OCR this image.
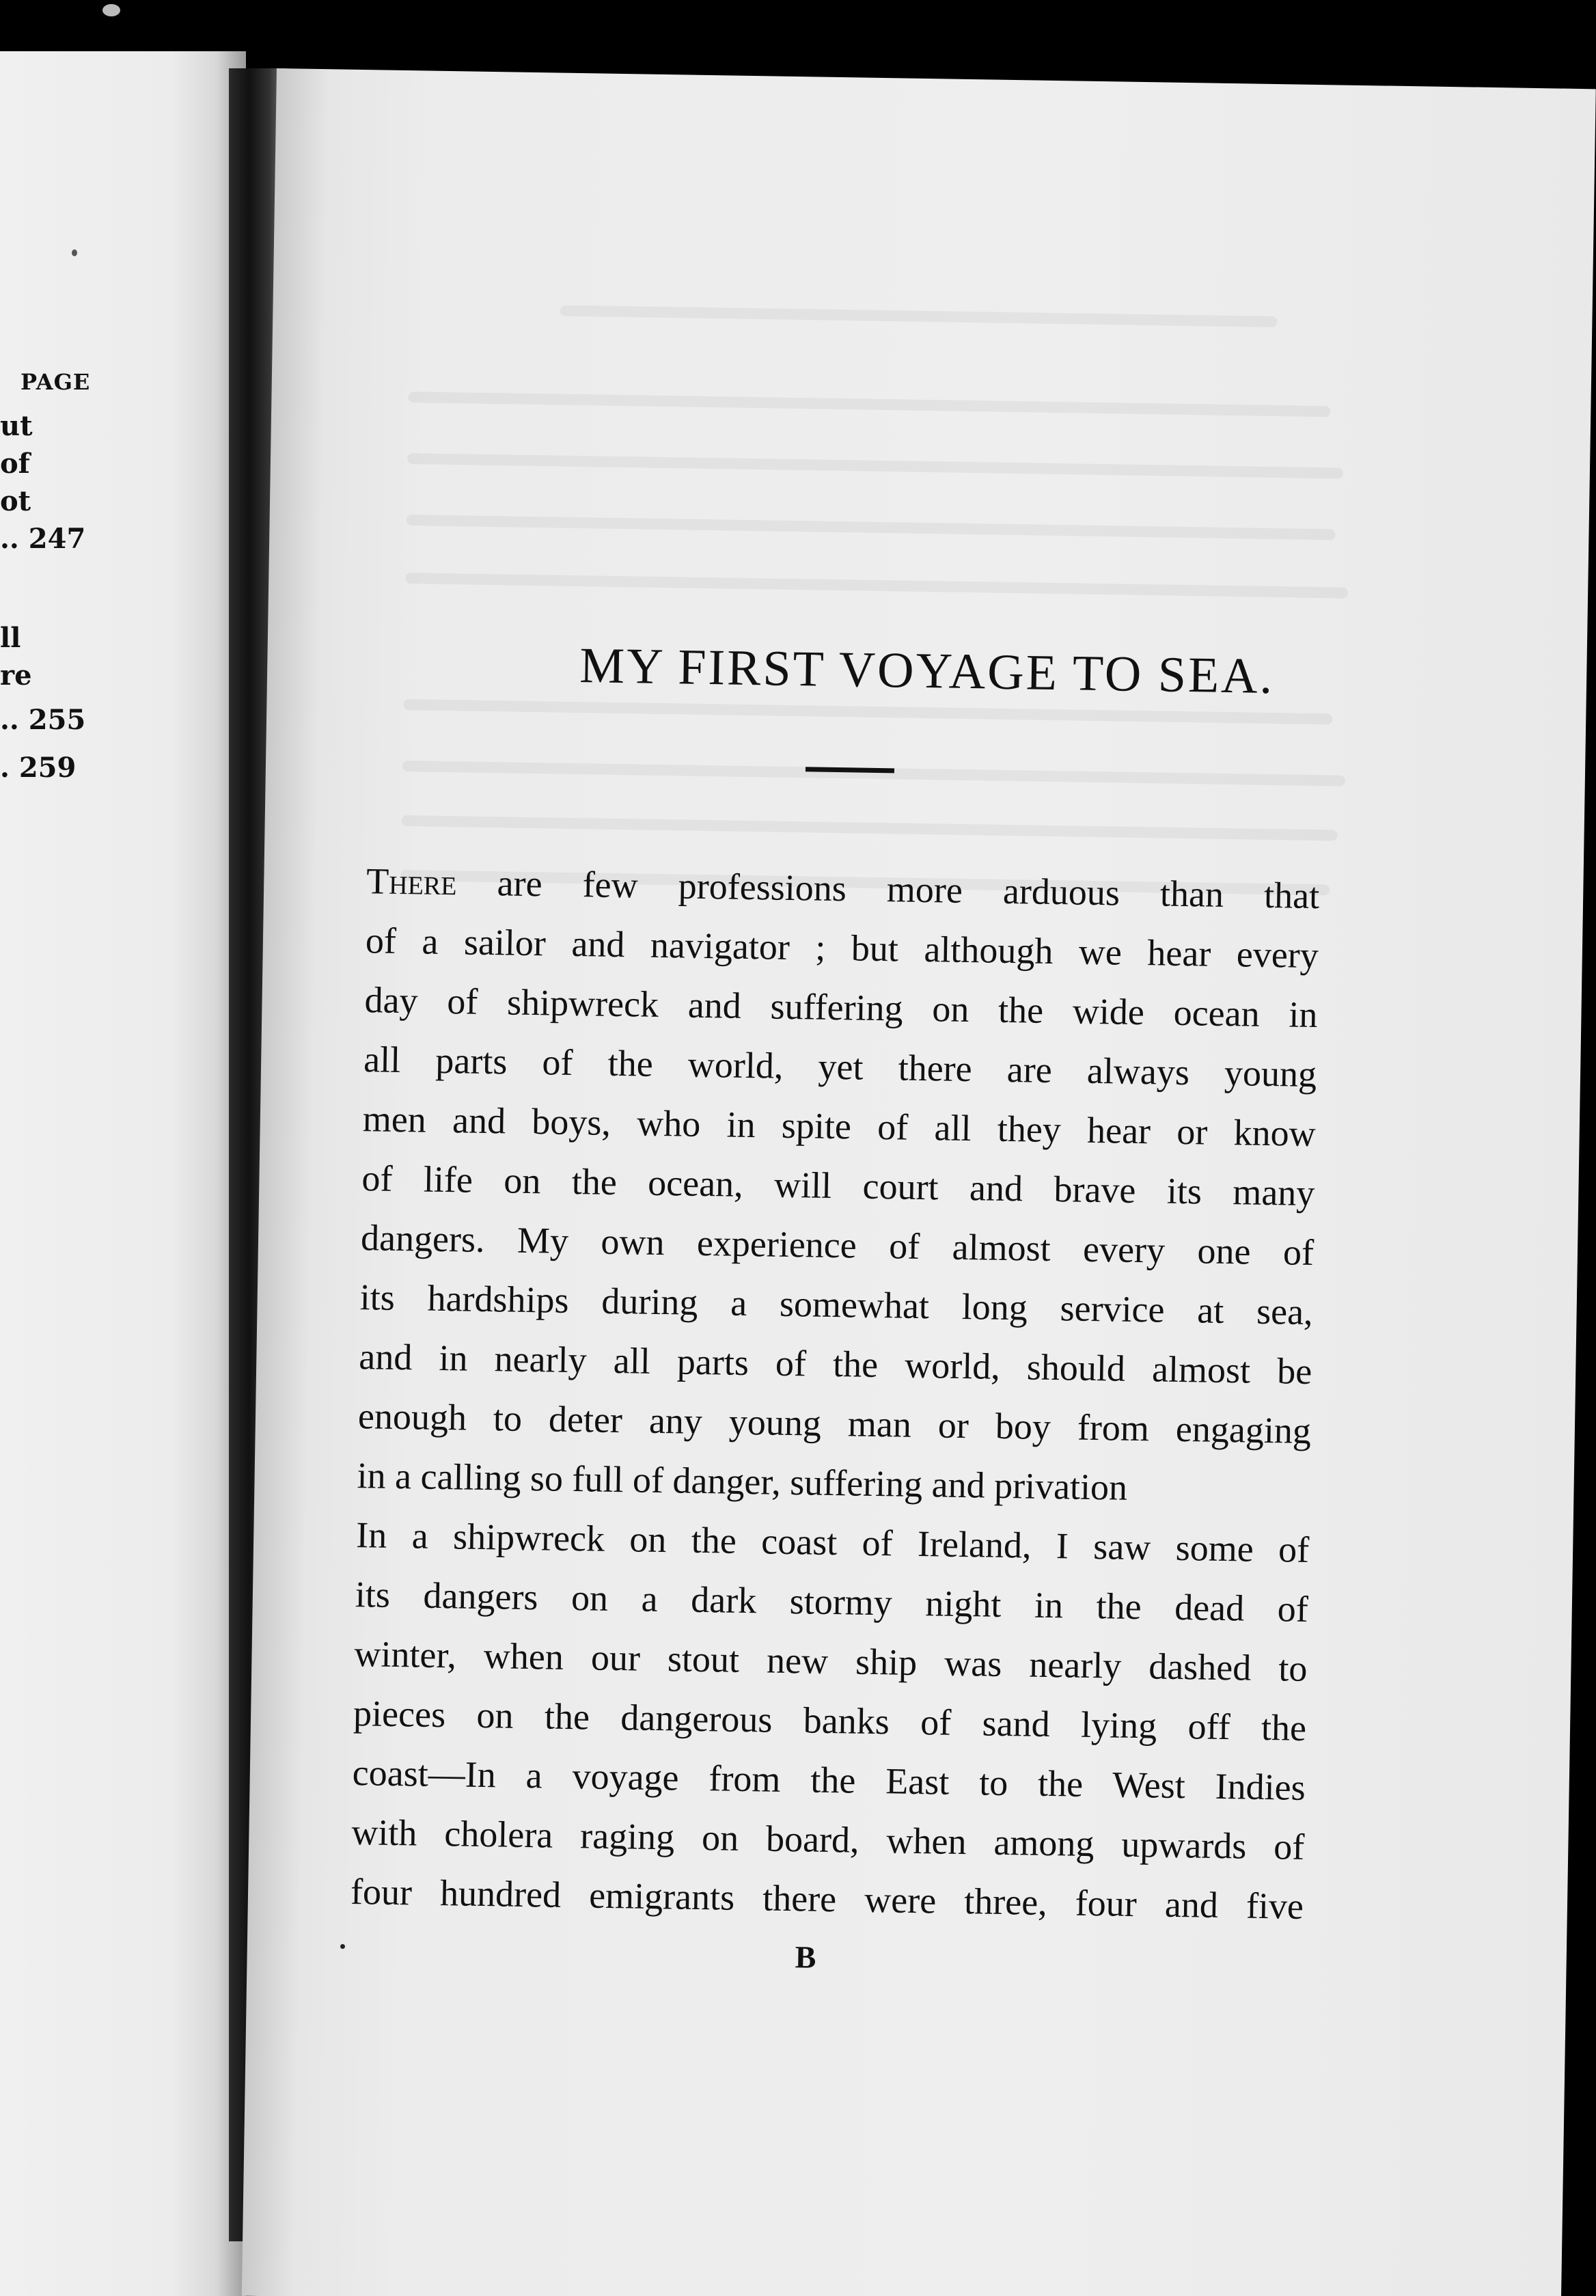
PAGE
ut
of
ot
.. 247
ll
re
.. 255
. 259
MY FIRST VOYAGE TO SEA.
There are few professions more arduous than that
of a sailor and navigator ; but although we hear every
day of shipwreck and suffering on the wide ocean in
all parts of the world, yet there are always young
men and boys, who in spite of all they hear or know
of life on the ocean, will court and brave its many
dangers. My own experience of almost every one of
its hardships during a somewhat long service at sea,
and in nearly all parts of the world, should almost be
enough to deter any young man or boy from engaging
in a calling so full of danger, suffering and privation
In a shipwreck on the coast of Ireland, I saw some of
its dangers on a dark stormy night in the dead of
winter, when our stout new ship was nearly dashed to
pieces on the dangerous banks of sand lying off the
coast—In a voyage from the East to the West Indies
with cholera raging on board, when among upwards of
four hundred emigrants there were three, four and five
B
